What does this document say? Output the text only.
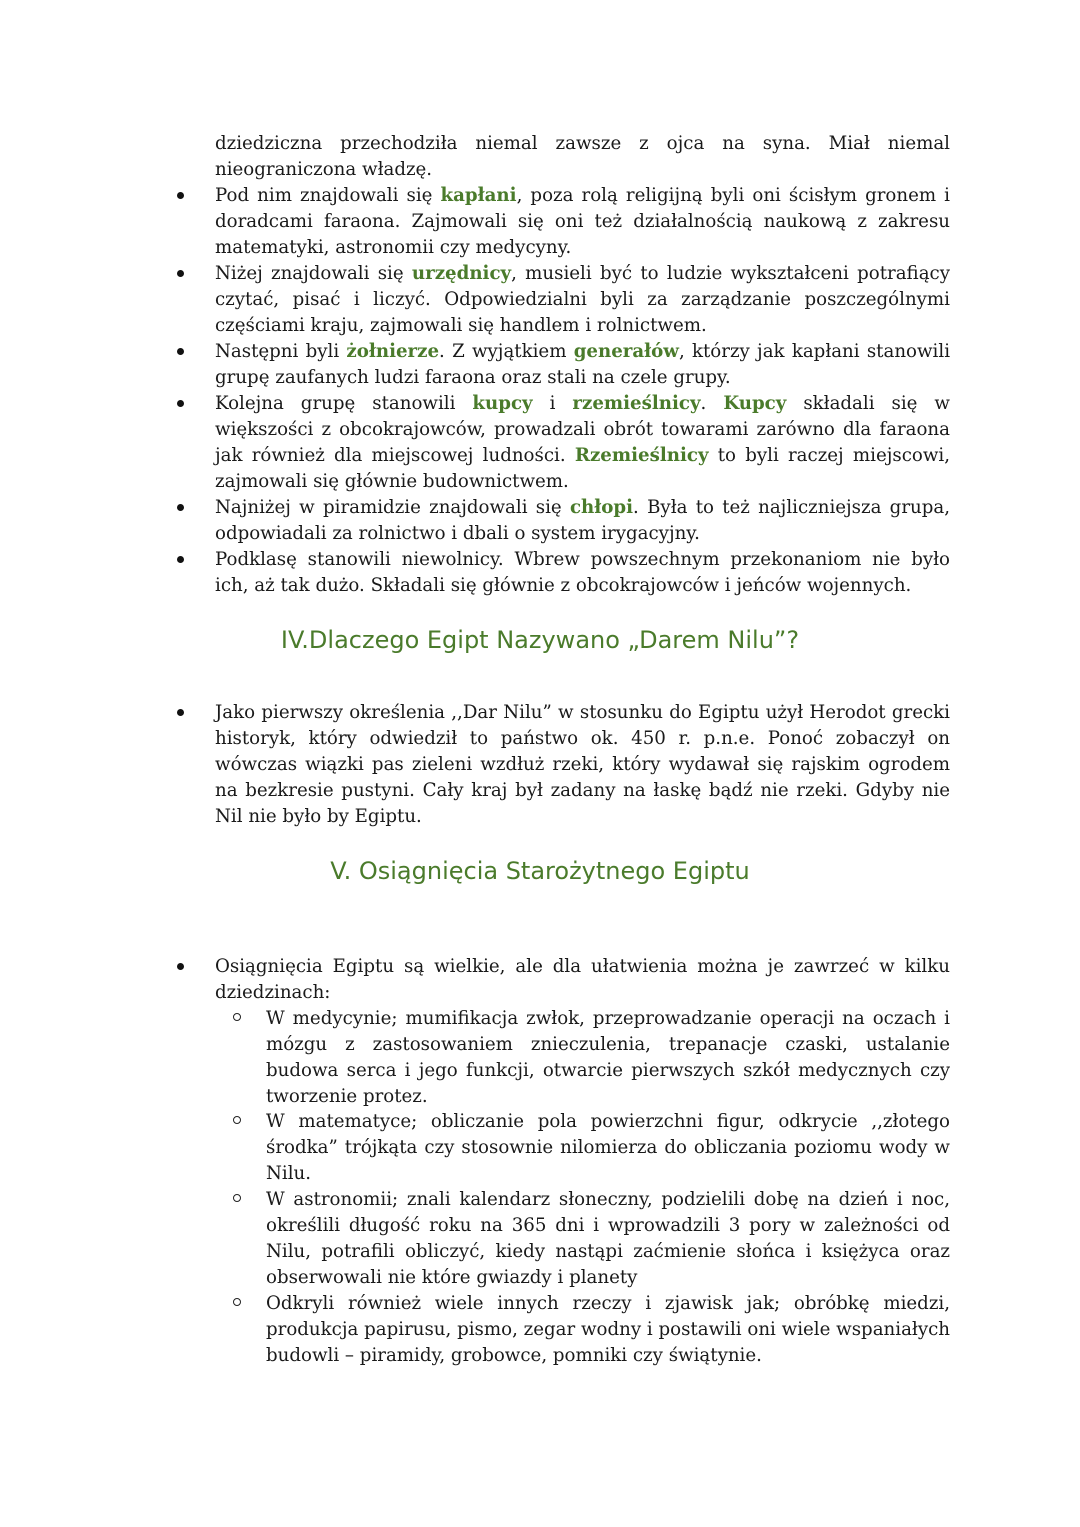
dziedziczna przechodziła niemal zawsze z ojca na syna. Miał niemal nieograniczona władzę.

Pod nim znajdowali się kapłani, poza rolą religijną byli oni ścisłym gronem i doradcami faraona. Zajmowali się oni też działalnością naukową z zakresu matematyki, astronomii czy medycyny.

Niżej znajdowali się urzędnicy, musieli być to ludzie wykształceni potrafiący czytać, pisać i liczyć. Odpowiedzialni byli za zarządzanie poszczególnymi częściami kraju, zajmowali się handlem i rolnictwem.

Następni byli żołnierze. Z wyjątkiem generałów, którzy jak kapłani stanowili grupę zaufanych ludzi faraona oraz stali na czele grupy.

Kolejna grupę stanowili kupcy i rzemieślnicy. Kupcy składali się w większości z obcokrajowców, prowadzali obrót towarami zarówno dla faraona jak również dla miejscowej ludności. Rzemieślnicy to byli raczej miejscowi, zajmowali się głównie budownictwem.

Najniżej w piramidzie znajdowali się chłopi. Była to też najliczniejsza grupa, odpowiadali za rolnictwo i dbali o system irygacyjny.

Podklasę stanowili niewolnicy. Wbrew powszechnym przekonaniom nie było ich, aż tak dużo. Składali się głównie z obcokrajowców i jeńców wojennych.

IV.Dlaczego Egipt Nazywano „Darem Nilu”?

Jako pierwszy określenia ,,Dar Nilu” w stosunku do Egiptu użył Herodot grecki historyk, który odwiedził to państwo ok. 450 r. p.n.e. Ponoć zobaczył on wówczas wiązki pas zieleni wzdłuż rzeki, który wydawał się rajskim ogrodem na bezkresie pustyni. Cały kraj był zadany na łaskę bądź nie rzeki. Gdyby nie Nil nie było by Egiptu.

V. Osiągnięcia Starożytnego Egiptu

Osiągnięcia Egiptu są wielkie, ale dla ułatwienia można je zawrzeć w kilku dziedzinach:

W medycynie; mumifikacja zwłok, przeprowadzanie operacji na oczach i mózgu z zastosowaniem znieczulenia, trepanacje czaski, ustalanie budowa serca i jego funkcji, otwarcie pierwszych szkół medycznych czy tworzenie protez.

W matematyce; obliczanie pola powierzchni figur, odkrycie ,,złotego środka” trójkąta czy stosownie nilomierza do obliczania poziomu wody w Nilu.

W astronomii; znali kalendarz słoneczny, podzielili dobę na dzień i noc, określili długość roku na 365 dni i wprowadzili 3 pory w zależności od Nilu, potrafili obliczyć, kiedy nastąpi zaćmienie słońca i księżyca oraz obserwowali nie które gwiazdy i planety

Odkryli również wiele innych rzeczy i zjawisk jak; obróbkę miedzi, produkcja papirusu, pismo, zegar wodny i postawili oni wiele wspaniałych budowli – piramidy, grobowce, pomniki czy świątynie.
